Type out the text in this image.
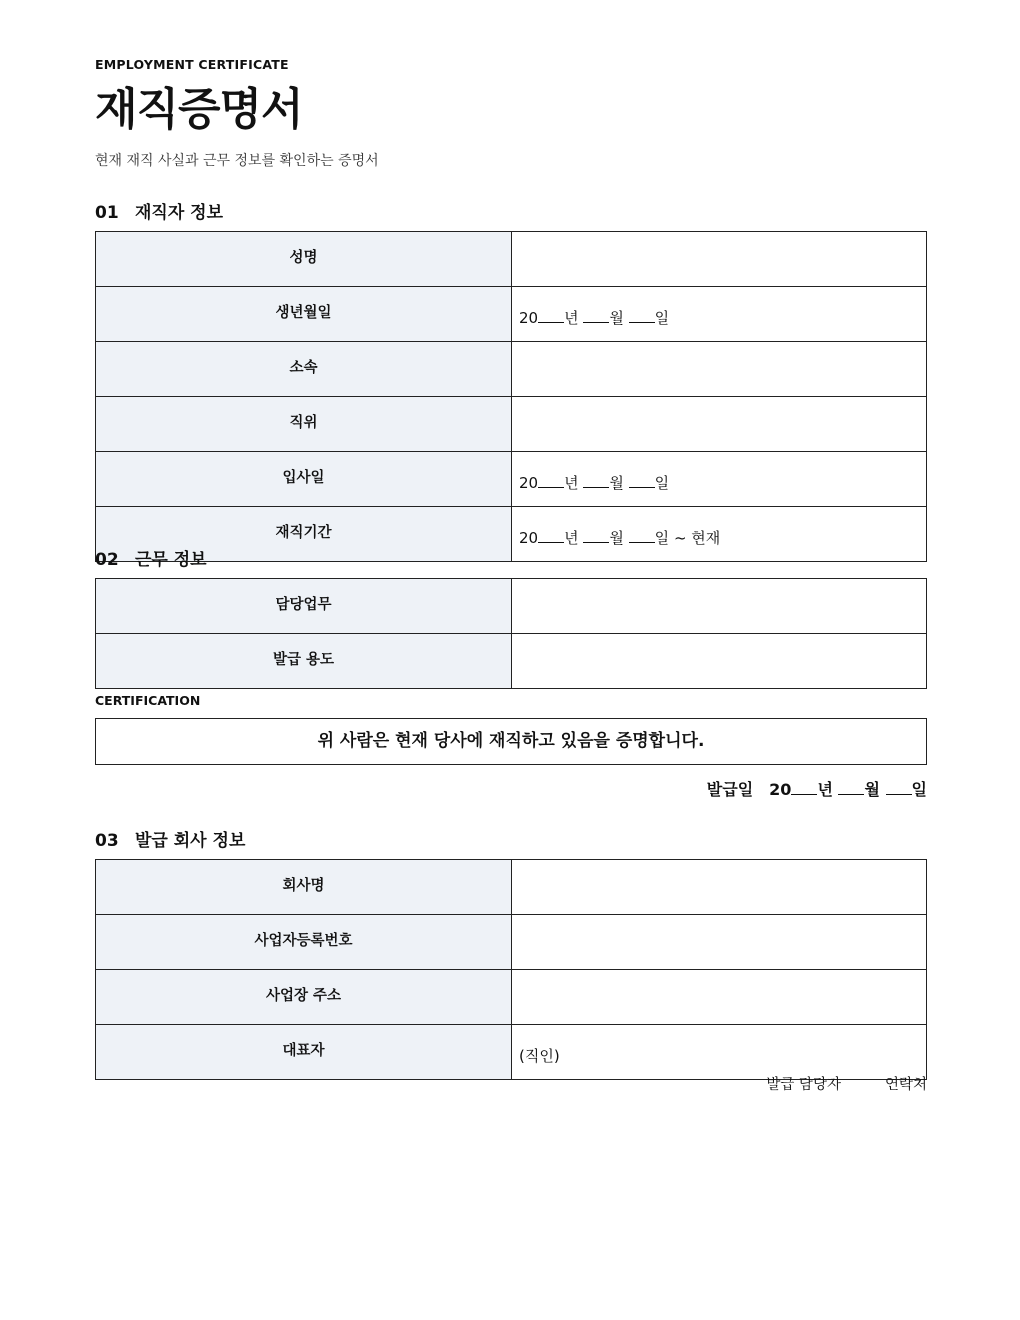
EMPLOYMENT CERTIFICATE
재직증명서
현재 재직 사실과 근무 정보를 확인하는 증명서
01 재직자 정보
성명	
생년월일	20 년 월 일
소속	
직위	
입사일	20 년 월 일
재직기간	20 년 월 일 ~ 현재
02 근무 정보
담당업무	
발급 용도	
CERTIFICATION
위 사람은 현재 당사에 재직하고 있음을 증명합니다.
발급일 20 년 월 일
03 발급 회사 정보
회사명	
사업자등록번호	
사업장 주소	
대표자	(직인)
발급 담당자	연락처
